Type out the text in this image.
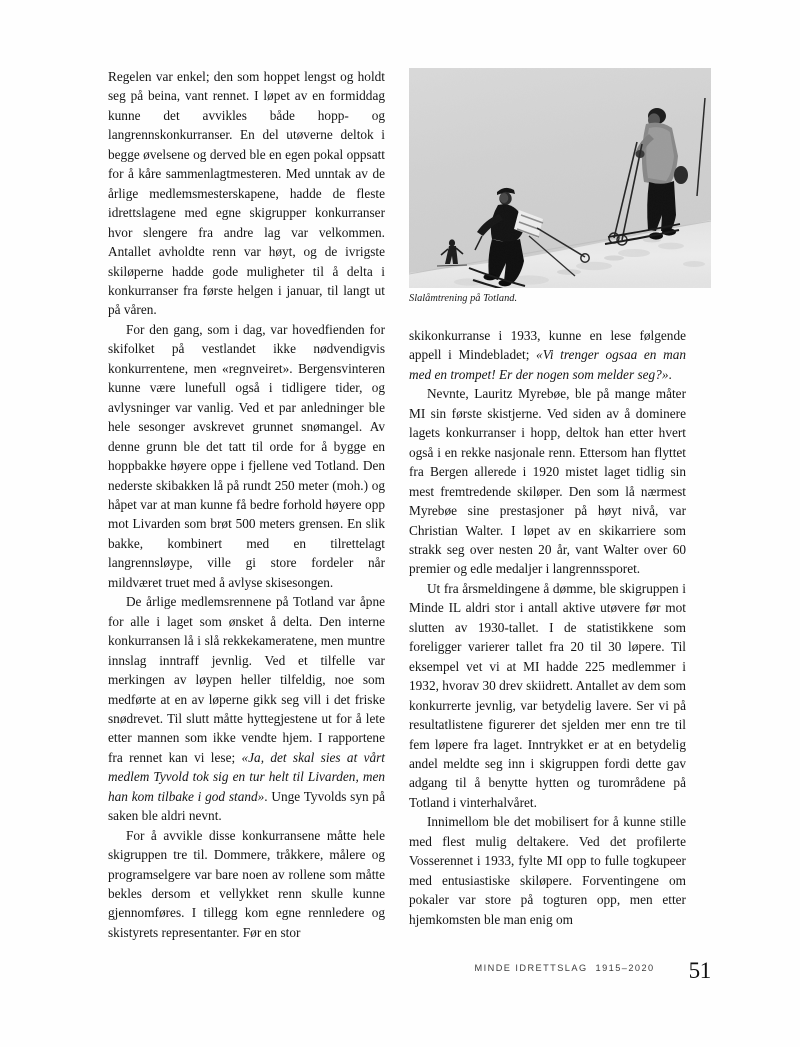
Slalåmtrening på Totland.

Regelen var enkel; den som hoppet lengst og holdt seg på beina, vant rennet. I løpet av en formiddag kunne det avvikles både hopp- og langrennskonkurranser. En del utøverne deltok i begge øvelsene og derved ble en egen pokal oppsatt for å kåre sammenlagtmesteren. Med unntak av de årlige medlemsmesterskapene, hadde de fleste idrettslagene med egne skigrupper konkurranser hvor slengere fra andre lag var velkommen. Antallet avholdte renn var høyt, og de ivrigste skiløperne hadde gode muligheter til å delta i konkurranser fra første helgen i januar, til langt ut på våren.

For den gang, som i dag, var hovedfienden for skifolket på vestlandet ikke nødvendigvis konkurrentene, men «regnveiret». Bergensvinteren kunne være lunefull også i tidligere tider, og avlysninger var vanlig. Ved et par anledninger ble hele sesonger avskrevet grunnet snømangel. Av denne grunn ble det tatt til orde for å bygge en hoppbakke høyere oppe i fjellene ved Totland. Den nederste skibakken lå på rundt 250 meter (moh.) og håpet var at man kunne få bedre forhold høyere opp mot Livarden som brøt 500 meters grensen. En slik bakke, kombinert med en tilrettelagt langrennsløype, ville gi store fordeler når mildværet truet med å avlyse skisesongen.

De årlige medlemsrennene på Totland var åpne for alle i laget som ønsket å delta. Den interne konkurransen lå i slå rekkekameratene, men muntre innslag inntraff jevnlig. Ved et tilfelle var merkingen av løypen heller tilfeldig, noe som medførte at en av løperne gikk seg vill i det friske snødrevet. Til slutt måtte hyttegjestene ut for å lete etter mannen som ikke vendte hjem. I rapportene fra rennet kan vi lese; «Ja, det skal sies at vårt medlem Tyvold tok sig en tur helt til Livarden, men han kom tilbake i god stand». Unge Tyvolds syn på saken ble aldri nevnt.

For å avvikle disse konkurransene måtte hele skigruppen tre til. Dommere, tråkkere, målere og programselgere var bare noen av rollene som måtte bekles dersom et vellykket renn skulle kunne gjennomføres. I tillegg kom egne rennledere og skistyrets representanter. Før en stor

skikonkurranse i 1933, kunne en lese følgende appell i Mindebladet; «Vi trenger ogsaa en man med en trompet! Er der nogen som melder seg?».

Nevnte, Lauritz Myrebøe, ble på mange måter MI sin første skistjerne. Ved siden av å dominere lagets konkurranser i hopp, deltok han etter hvert også i en rekke nasjonale renn. Ettersom han flyttet fra Bergen allerede i 1920 mistet laget tidlig sin mest fremtredende skiløper. Den som lå nærmest Myrebøe sine prestasjoner på høyt nivå, var Christian Walter. I løpet av en skikarriere som strakk seg over nesten 20 år, vant Walter over 60 premier og edle medaljer i langrennssporet.

Ut fra årsmeldingene å dømme, ble skigruppen i Minde IL aldri stor i antall aktive utøvere før mot slutten av 1930-tallet. I de statistikkene som foreligger varierer tallet fra 20 til 30 løpere. Til eksempel vet vi at MI hadde 225 medlemmer i 1932, hvorav 30 drev skiidrett. Antallet av dem som konkurrerte jevnlig, var betydelig lavere. Ser vi på resultatlistene figurerer det sjelden mer enn tre til fem løpere fra laget. Inntrykket er at en betydelig andel meldte seg inn i skigruppen fordi dette gav adgang til å benytte hytten og turområdene på Totland i vinterhalvåret.

Innimellom ble det mobilisert for å kunne stille med flest mulig deltakere. Ved det profilerte Vosserennet i 1933, fylte MI opp to fulle togkupeer med entusiastiske skiløpere. Forventingene om pokaler var store på togturen opp, men etter hjemkomsten ble man enig om

MINDE IDRETTSLAG 1915–2020 51
